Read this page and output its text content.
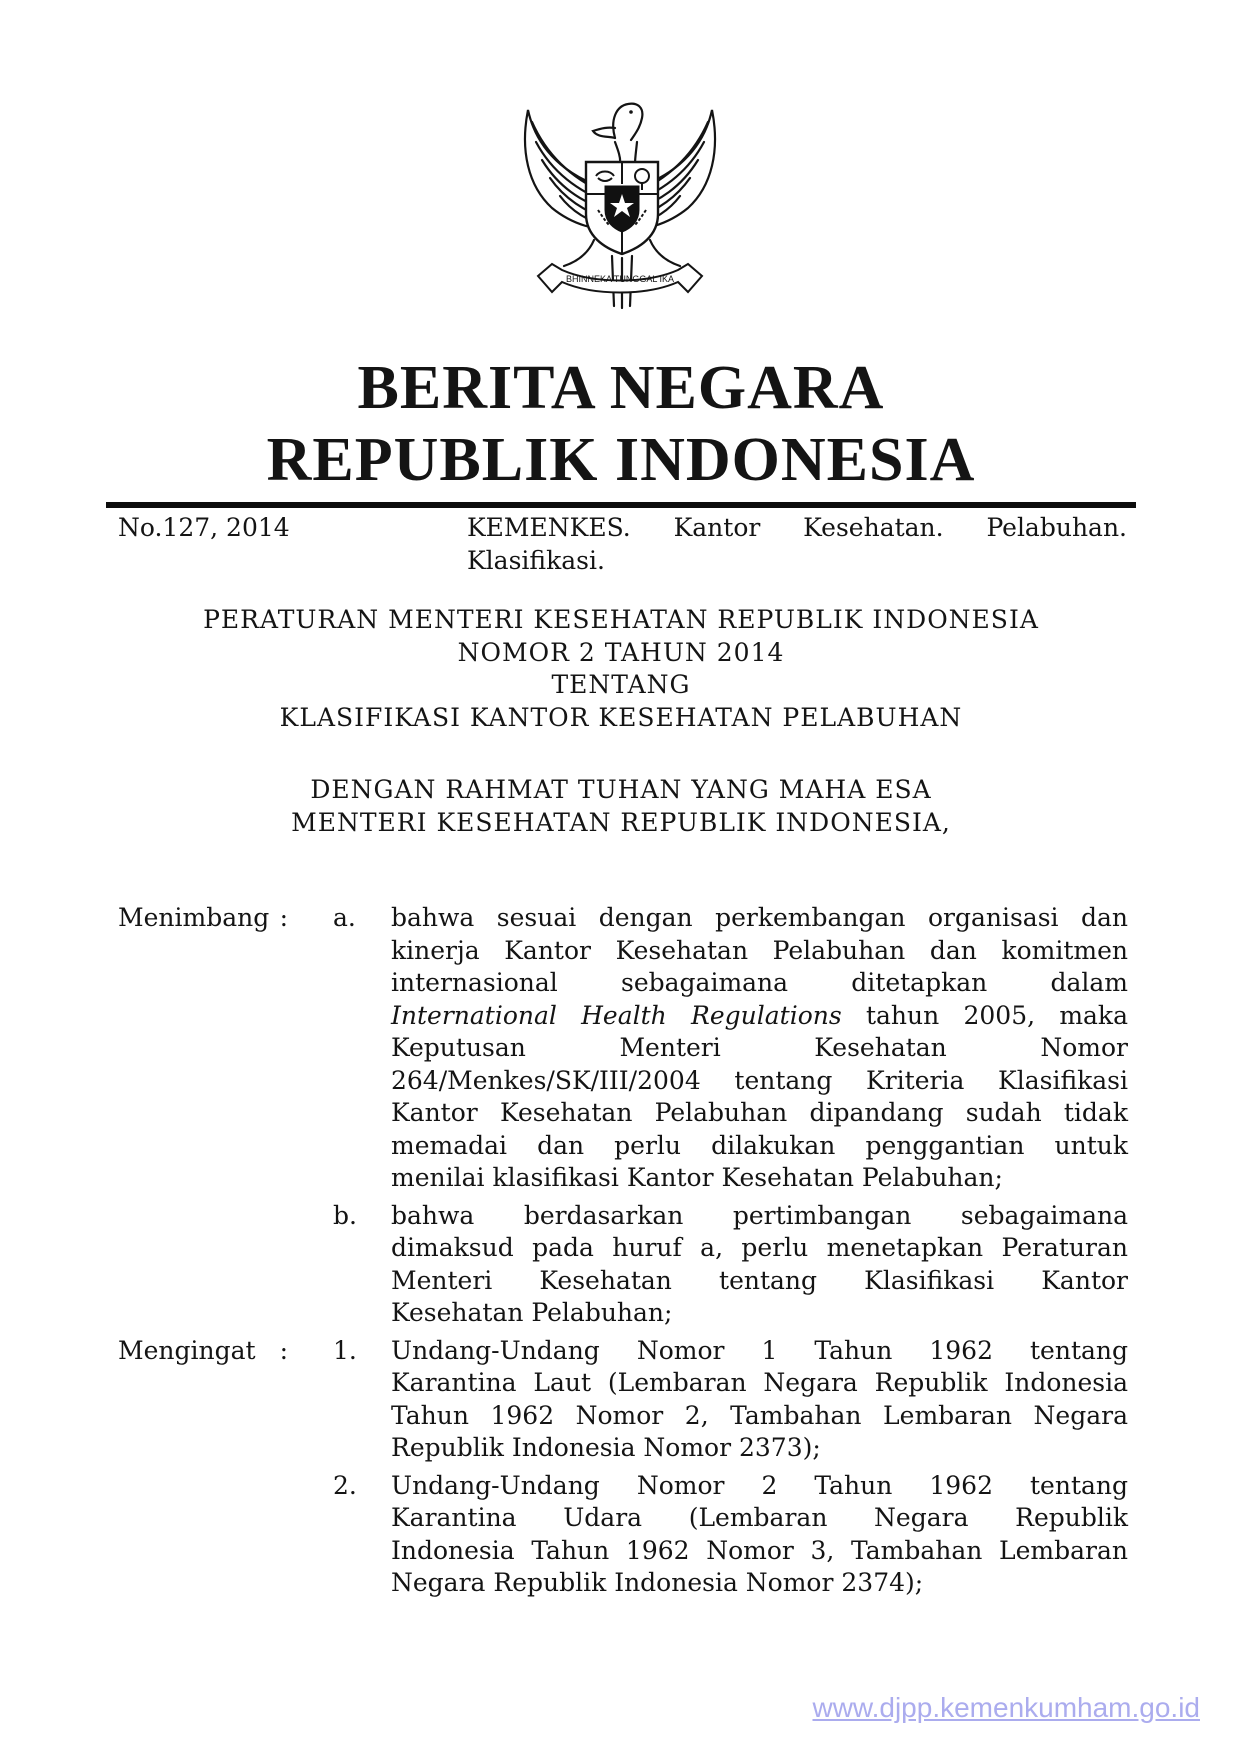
BHINNEKA TUNGGAL IKA
BERITA NEGARA
REPUBLIK INDONESIA
No.127, 2014	KEMENKES. Kantor Kesehatan. Pelabuhan.
Klasifikasi.
PERATURAN MENTERI KESEHATAN REPUBLIK INDONESIA
NOMOR 2 TAHUN 2014
TENTANG
KLASIFIKASI KANTOR KESEHATAN PELABUHAN
DENGAN RAHMAT TUHAN YANG MAHA ESA
MENTERI KESEHATAN REPUBLIK INDONESIA,
Menimbang : a.	bahwa sesuai dengan perkembangan organisasi dan
kinerja Kantor Kesehatan Pelabuhan dan komitmen
internasional sebagaimana ditetapkan dalam
International Health Regulations tahun 2005, maka
Keputusan Menteri Kesehatan Nomor
264/Menkes/SK/III/2004 tentang Kriteria Klasifikasi
Kantor Kesehatan Pelabuhan dipandang sudah tidak
memadai dan perlu dilakukan penggantian untuk
menilai klasifikasi Kantor Kesehatan Pelabuhan;
b.	bahwa berdasarkan pertimbangan sebagaimana
dimaksud pada huruf a, perlu menetapkan Peraturan
Menteri Kesehatan tentang Klasifikasi Kantor
Kesehatan Pelabuhan;
Mengingat : 1.	Undang-Undang Nomor 1 Tahun 1962 tentang
Karantina Laut (Lembaran Negara Republik Indonesia
Tahun 1962 Nomor 2, Tambahan Lembaran Negara
Republik Indonesia Nomor 2373);
2.	Undang-Undang Nomor 2 Tahun 1962 tentang
Karantina Udara (Lembaran Negara Republik
Indonesia Tahun 1962 Nomor 3, Tambahan Lembaran
Negara Republik Indonesia Nomor 2374);
www.djpp.kemenkumham.go.id
